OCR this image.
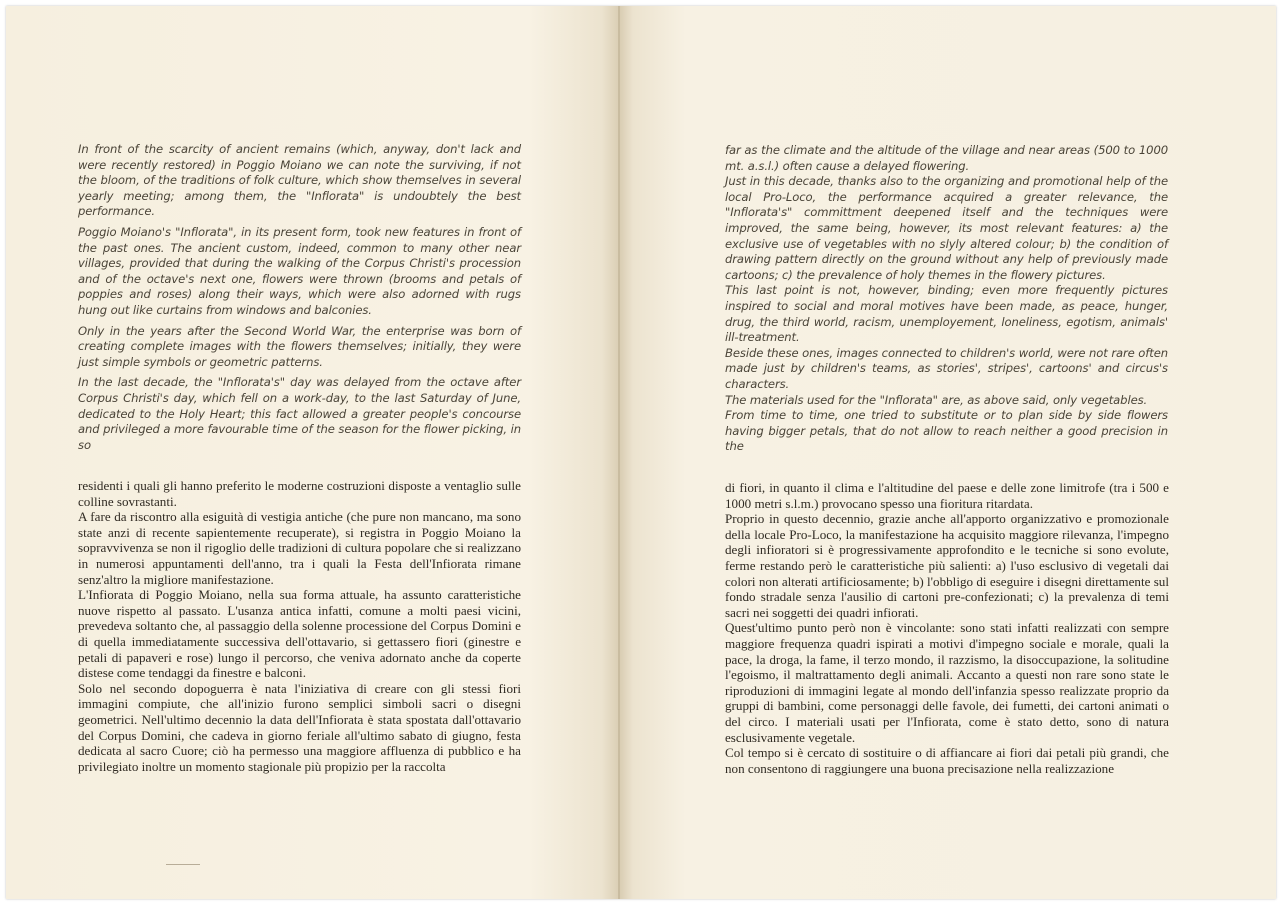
In front of the scarcity of ancient remains (which, anyway, don't lack and were recently restored) in Poggio Moiano we can note the surviving, if not the bloom, of the traditions of folk culture, which show themselves in several yearly meeting; among them, the "Inflorata" is undoubtely the best performance.

Poggio Moiano's "Inflorata", in its present form, took new features in front of the past ones. The ancient custom, indeed, common to many other near villages, provided that during the walking of the Corpus Christi's procession and of the octave's next one, flowers were thrown (brooms and petals of poppies and roses) along their ways, which were also adorned with rugs hung out like curtains from windows and balconies.

Only in the years after the Second World War, the enterprise was born of creating complete images with the flowers themselves; initially, they were just simple symbols or geometric patterns.

In the last decade, the "Inflorata's" day was delayed from the octave after Corpus Christi's day, which fell on a work-day, to the last Saturday of June, dedicated to the Holy Heart; this fact allowed a greater people's concourse and privileged a more favourable time of the season for the flower picking, in so

residenti i quali gli hanno preferito le moderne costruzioni disposte a ventaglio sulle colline sovrastanti.

A fare da riscontro alla esiguità di vestigia antiche (che pure non mancano, ma sono state anzi di recente sapientemente recuperate), si registra in Poggio Moiano la sopravvivenza se non il rigoglio delle tradizioni di cultura popolare che si realizzano in numerosi appuntamenti dell'anno, tra i quali la Festa dell'Infiorata rimane senz'altro la migliore manifestazione.

L'Infiorata di Poggio Moiano, nella sua forma attuale, ha assunto caratteristiche nuove rispetto al passato. L'usanza antica infatti, comune a molti paesi vicini, prevedeva soltanto che, al passaggio della solenne processione del Corpus Domini e di quella immediatamente successiva dell'ottavario, si gettassero fiori (ginestre e petali di papaveri e rose) lungo il percorso, che veniva adornato anche da coperte distese come tendaggi da finestre e balconi.

Solo nel secondo dopoguerra è nata l'iniziativa di creare con gli stessi fiori immagini compiute, che all'inizio furono semplici simboli sacri o disegni geometrici. Nell'ultimo decennio la data dell'Infiorata è stata spostata dall'ottavario del Corpus Domini, che cadeva in giorno feriale all'ultimo sabato di giugno, festa dedicata al sacro Cuore; ciò ha permesso una maggiore affluenza di pubblico e ha privilegiato inoltre un momento stagionale più propizio per la raccolta

far as the climate and the altitude of the village and near areas (500 to 1000 mt. a.s.l.) often cause a delayed flowering.

Just in this decade, thanks also to the organizing and promotional help of the local Pro-Loco, the performance acquired a greater relevance, the "Inflorata's" committment deepened itself and the techniques were improved, the same being, however, its most relevant features: a) the exclusive use of vegetables with no slyly altered colour; b) the condition of drawing pattern directly on the ground without any help of previously made cartoons; c) the prevalence of holy themes in the flowery pictures.

This last point is not, however, binding; even more frequently pictures inspired to social and moral motives have been made, as peace, hunger, drug, the third world, racism, unemployement, loneliness, egotism, animals' ill-treatment.

Beside these ones, images connected to children's world, were not rare often made just by children's teams, as stories', stripes', cartoons' and circus's characters.

The materials used for the "Inflorata" are, as above said, only vegetables.

From time to time, one tried to substitute or to plan side by side flowers having bigger petals, that do not allow to reach neither a good precision in the

di fiori, in quanto il clima e l'altitudine del paese e delle zone limitrofe (tra i 500 e 1000 metri s.l.m.) provocano spesso una fioritura ritardata.

Proprio in questo decennio, grazie anche all'apporto organizzativo e promozionale della locale Pro-Loco, la manifestazione ha acquisito maggiore rilevanza, l'impegno degli infioratori si è progressivamente approfondito e le tecniche si sono evolute, ferme restando però le caratteristiche più salienti: a) l'uso esclusivo di vegetali dai colori non alterati artificiosamente; b) l'obbligo di eseguire i disegni direttamente sul fondo stradale senza l'ausilio di cartoni pre-confezionati; c) la prevalenza di temi sacri nei soggetti dei quadri infiorati.

Quest'ultimo punto però non è vincolante: sono stati infatti realizzati con sempre maggiore frequenza quadri ispirati a motivi d'impegno sociale e morale, quali la pace, la droga, la fame, il terzo mondo, il razzismo, la disoccupazione, la solitudine l'egoismo, il maltrattamento degli animali. Accanto a questi non rare sono state le riproduzioni di immagini legate al mondo dell'infanzia spesso realizzate proprio da gruppi di bambini, come personaggi delle favole, dei fumetti, dei cartoni animati o del circo. I materiali usati per l'Infiorata, come è stato detto, sono di natura esclusivamente vegetale.

Col tempo si è cercato di sostituire o di affiancare ai fiori dai petali più grandi, che non consentono di raggiungere una buona precisazione nella realizzazione
